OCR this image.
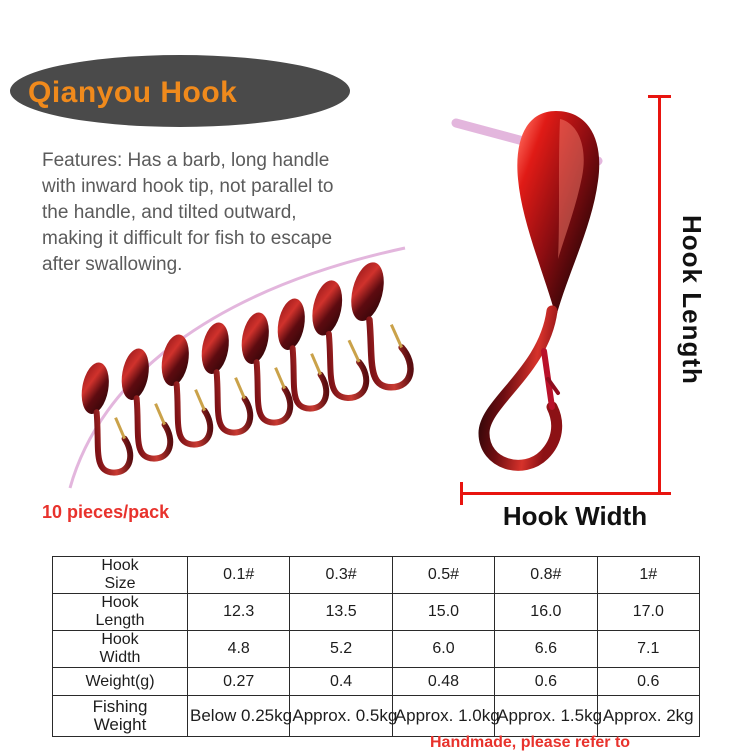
Qianyou Hook
Features: Has a barb, long handle with inward hook tip, not parallel to the handle, and tilted outward, making it difficult for fish to escape after swallowing.
10 pieces/pack
Hook Length
Hook Width
Hook
Size	0.1#	0.3#	0.5#	0.8#	1#

Hook
Length	12.3	13.5	15.0	16.0	17.0

Hook
Width	4.8	5.2	6.0	6.6	7.1

Weight(g)	0.27	0.4	0.48	0.6	0.6

Fishing
Weight	Below 0.25kg	Approx. 0.5kg	Approx. 1.0kg	Approx. 1.5kg	Approx. 2kg
Handmade, please refer to
